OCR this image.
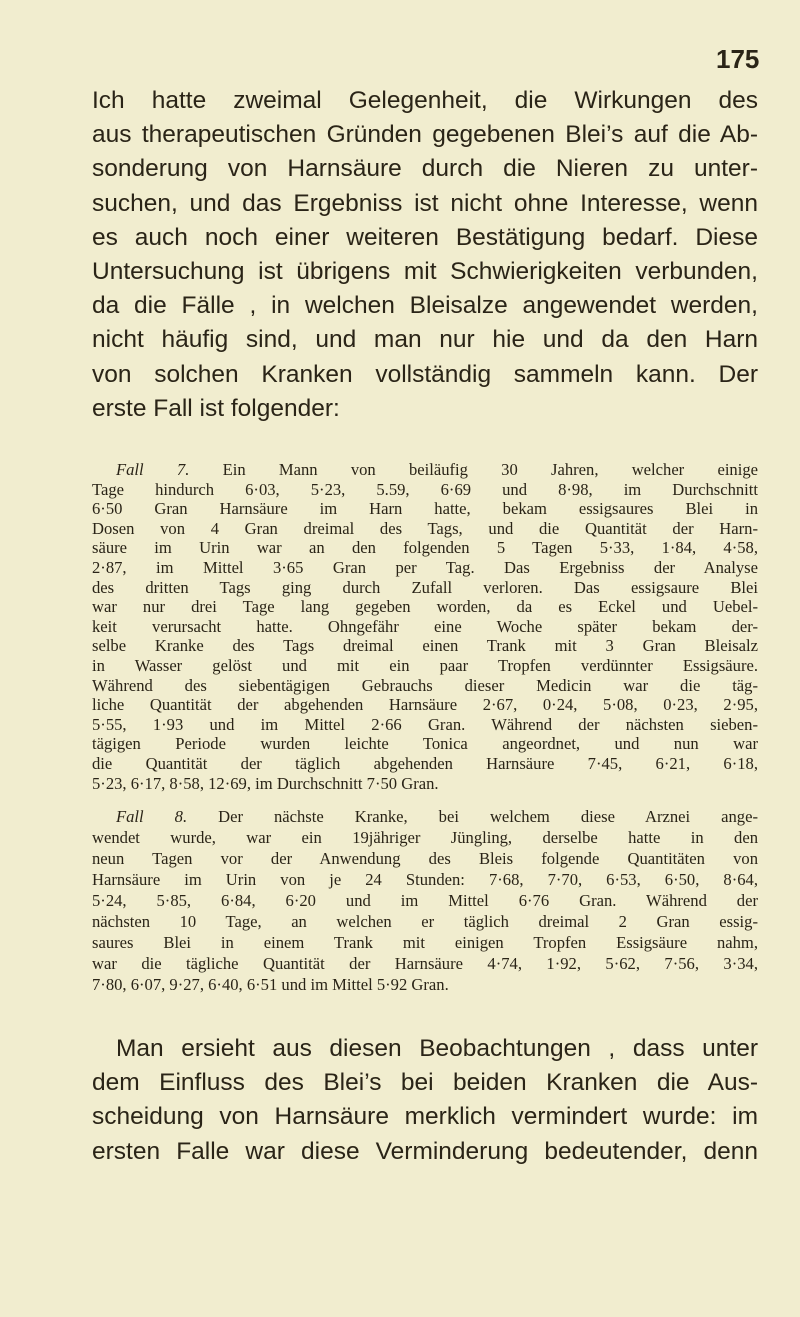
175
Ich hatte zweimal Gelegenheit, die Wirkungen des
aus therapeutischen Gründen gegebenen Blei’s auf die Ab-
sonderung von Harnsäure durch die Nieren zu unter-
suchen, und das Ergebniss ist nicht ohne Interesse, wenn
es auch noch einer weiteren Bestätigung bedarf. Diese
Untersuchung ist übrigens mit Schwierigkeiten verbunden,
da die Fälle , in welchen Bleisalze angewendet werden,
nicht häufig sind, und man nur hie und da den Harn
von solchen Kranken vollständig sammeln kann. Der
erste Fall ist folgender:
Fall 7. Ein Mann von beiläufig 30 Jahren, welcher einige
Tage hindurch 6·03, 5·23, 5.59, 6·69 und 8·98, im Durchschnitt
6·50 Gran Harnsäure im Harn hatte, bekam essigsaures Blei in
Dosen von 4 Gran dreimal des Tags, und die Quantität der Harn-
säure im Urin war an den folgenden 5 Tagen 5·33, 1·84, 4·58,
2·87, im Mittel 3·65 Gran per Tag. Das Ergebniss der Analyse
des dritten Tags ging durch Zufall verloren. Das essigsaure Blei
war nur drei Tage lang gegeben worden, da es Eckel und Uebel-
keit verursacht hatte. Ohngefähr eine Woche später bekam der-
selbe Kranke des Tags dreimal einen Trank mit 3 Gran Bleisalz
in Wasser gelöst und mit ein paar Tropfen verdünnter Essigsäure.
Während des siebentägigen Gebrauchs dieser Medicin war die täg-
liche Quantität der abgehenden Harnsäure 2·67, 0·24, 5·08, 0·23, 2·95,
5·55, 1·93 und im Mittel 2·66 Gran. Während der nächsten sieben-
tägigen Periode wurden leichte Tonica angeordnet, und nun war
die Quantität der täglich abgehenden Harnsäure 7·45, 6·21, 6·18,
5·23, 6·17, 8·58, 12·69, im Durchschnitt 7·50 Gran.
Fall 8. Der nächste Kranke, bei welchem diese Arznei ange-
wendet wurde, war ein 19jähriger Jüngling, derselbe hatte in den
neun Tagen vor der Anwendung des Bleis folgende Quantitäten von
Harnsäure im Urin von je 24 Stunden: 7·68, 7·70, 6·53, 6·50, 8·64,
5·24, 5·85, 6·84, 6·20 und im Mittel 6·76 Gran. Während der
nächsten 10 Tage, an welchen er täglich dreimal 2 Gran essig-
saures Blei in einem Trank mit einigen Tropfen Essigsäure nahm,
war die tägliche Quantität der Harnsäure 4·74, 1·92, 5·62, 7·56, 3·34,
7·80, 6·07, 9·27, 6·40, 6·51 und im Mittel 5·92 Gran.
Man ersieht aus diesen Beobachtungen , dass unter
dem Einfluss des Blei’s bei beiden Kranken die Aus-
scheidung von Harnsäure merklich vermindert wurde: im
ersten Falle war diese Verminderung bedeutender, denn
